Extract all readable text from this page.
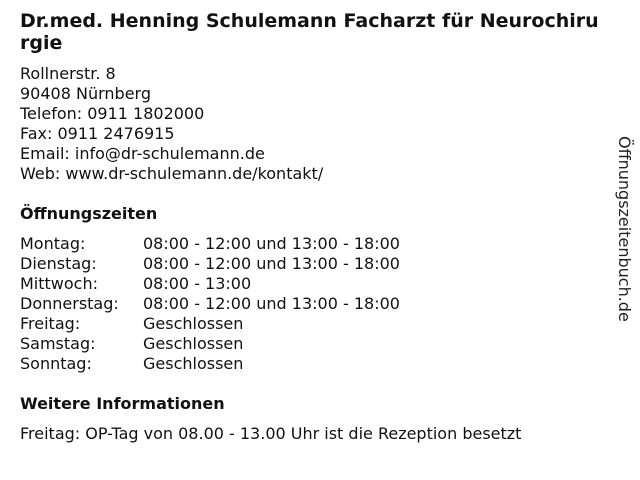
Dr.med. Henning Schulemann Facharzt für Neurochirurgie
Rollnerstr. 8
90408 Nürnberg
Telefon: 0911 1802000
Fax: 0911 2476915
Email: info@dr-schulemann.de
Web: www.dr-schulemann.de/kontakt/
Öffnungszeiten
Montag:	08:00 - 12:00 und 13:00 - 18:00
Dienstag:	08:00 - 12:00 und 13:00 - 18:00
Mittwoch:	08:00 - 13:00
Donnerstag:	08:00 - 12:00 und 13:00 - 18:00
Freitag:	Geschlossen
Samstag:	Geschlossen
Sonntag:	Geschlossen
Weitere Informationen
Freitag: OP-Tag von 08.00 - 13.00 Uhr ist die Rezeption besetzt
Öffnungszeitenbuch.de
